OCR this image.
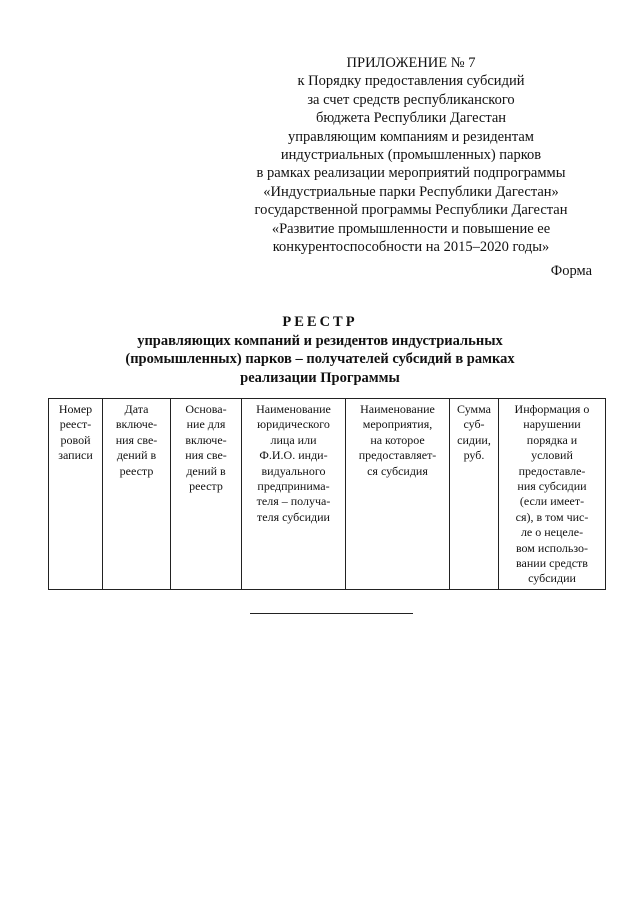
ПРИЛОЖЕНИЕ № 7
к Порядку предоставления субсидий
за счет средств республиканского
бюджета Республики Дагестан
управляющим компаниям и резидентам
индустриальных (промышленных) парков
в рамках реализации мероприятий подпрограммы
«Индустриальные парки Республики Дагестан»
государственной программы Республики Дагестан
«Развитие промышленности и повышение ее
конкурентоспособности на 2015–2020 годы»
Форма
РЕЕСТР
управляющих компаний и резидентов индустриальных
(промышленных) парков – получателей субсидий в рамках
реализации Программы
Номер
реест-
ровой
записи

Дата
включе-
ния све-
дений в
реестр

Основа-
ние для
включе-
ния све-
дений в
реестр

Наименование
юридического
лица или
Ф.И.О. инди-
видуального
предпринима-
теля – получа-
теля субсидии

Наименование
мероприятия,
на которое
предоставляет-
ся субсидия

Сумма
суб-
сидии,
руб.

Информация о
нарушении
порядка и
условий
предоставле-
ния субсидии
(если имеет-
ся), в том чис-
ле о нецеле-
вом использо-
вании средств
субсидии
